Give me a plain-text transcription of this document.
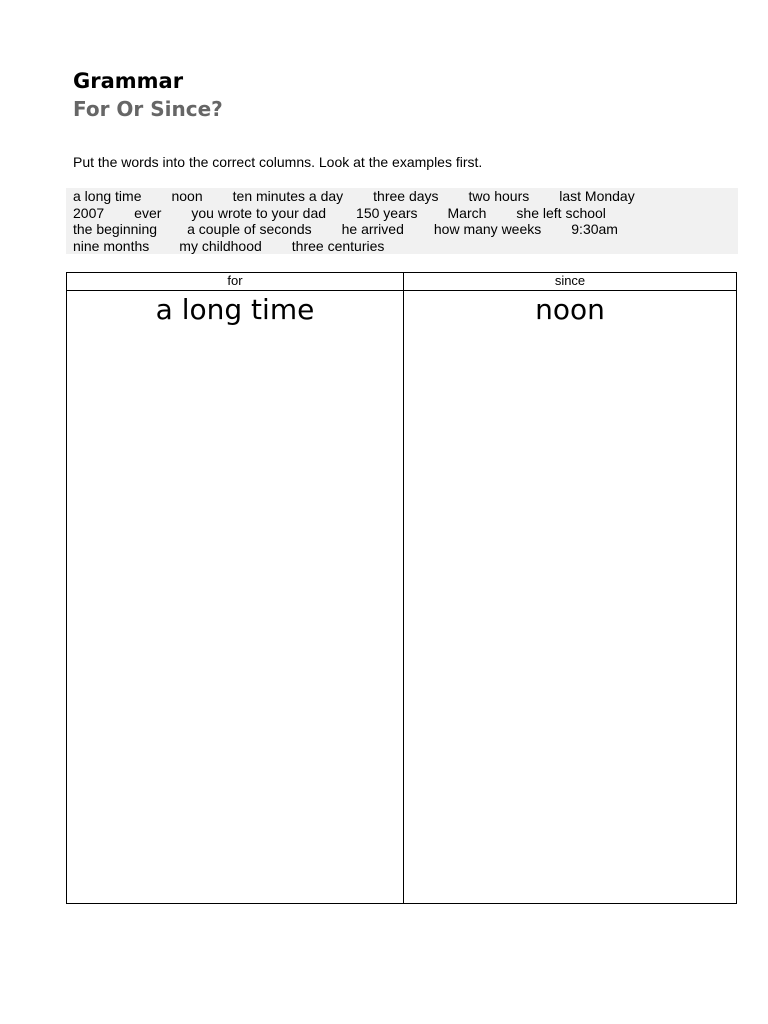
Grammar
For Or Since?
Put the words into the correct columns. Look at the examples first.
a long time noon ten minutes a day three days two hours last Monday
2007 ever you wrote to your dad 150 years March she left school
the beginning a couple of seconds he arrived how many weeks 9:30am
nine months my childhood three centuries
for
a long time
since
noon
